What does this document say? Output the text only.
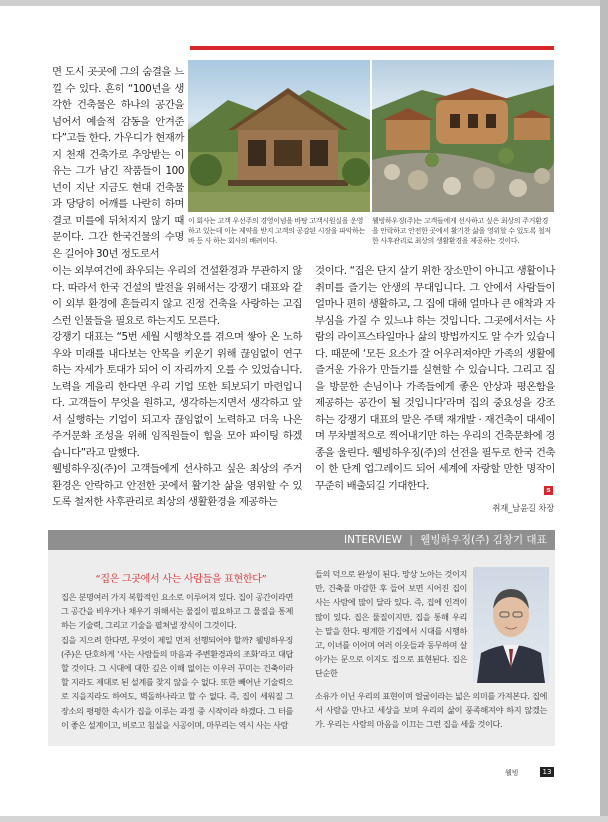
면 도시 곳곳에 그의 숨결을 느낄 수 있다. 흔히 “100년을 생각한 건축물은 하나의 공간을 넘어서 예술적 감동을 안겨준다”고들 한다. 가우디가 현재까지 천재 건축가로 추앙받는 이유는 그가 남긴 작품들이 100년이 지난 지금도 현대 건축물과 당당히 어깨를 나란히 하며 결코 미를에 뒤처지지 않기 때문이다. 그간 한국건물의 수명은 길어야 30년 정도로서

이 회사는 고객 우선주의 경영이념을 바탕 고객시원실을 운영하고 있는데 이는 제약을 받지 고객의 공감된 시장을 파악하는 바 등 사 하는 회사의 배려이다.
웰빙하우징(주)는 고객들에게 선사하고 싶은 최상의 주거환경을 안락하고 안전한 곳에서 활기찬 삶을 영위할 수 있도록 철저한 사후관리로 최상의 생활환경을 제공하는 것이다.

이는 외부여건에 좌우되는 우리의 건설환경과 무관하지 않다. 따라서 한국 건설의 발전을 위해서는 강쟁기 대표와 같이 외부 환경에 흔들리지 않고 진정 건축을 사랑하는 고집스런 인물들을 필요로 하는지도 모른다.

강쟁기 대표는 “5번 세월 시행착오를 겪으며 쌓아 온 노하우와 미래를 내다보는 안목을 키운기 위해 끊임없이 연구하는 자세가 토대가 되어 이 자리까지 오를 수 있었습니다. 노력을 게을리 한다면 우리 기업 또한 퇴보되기 마련입니다. 고객들이 무엇을 원하고, 생각하는지면서 생각하고 앞서 실행하는 기업이 되고자 끊임없이 노력하고 더욱 나은 주거문화 조성을 위해 임직원들이 힘을 모아 파이팅 하겠습니다”라고 말했다.

웰빙하우징(주)이 고객들에게 선사하고 싶은 최상의 주거환경은 안락하고 안전한 곳에서 활기찬 삶을 영위할 수 있도록 철저한 사후관리로 최상의 생활환경을 제공하는

것이다. “집은 단지 살기 위한 장소만이 아니고 생활이나 취미를 즐기는 안생의 무대입니다. 그 안에서 사람들이 얼마나 편히 생활하고, 그 집에 대해 얼마나 큰 애착과 자부심을 가질 수 있느냐 하는 것입니다. 그곳에서서는 사람의 라이프스타일마나 삶의 방법까지도 알 수가 있습니다. 때문에 ‘모든 요소가 잘 어우러져야만 가족의 생활에 즐거운 가유가 만들기를 실현할 수 있습니다. 그리고 집을 방문한 손님이나 가족들에게 좋은 안상과 평온함을 제공하는 공간이 될 것입니다’라며 집의 중요성을 강조하는 강쟁기 대표의 말은 주택 재개발 · 재건축이 대세이며 무차별적으로 찍어내기만 하는 우리의 건축문화에 경종을 울린다. 웰빙하우징(주)의 선전을 필두로 한국 건축이 한 단계 업그레이드 되어 세계에 자랑할 만한 명작이 꾸준히 배출되길 기대한다.	s
취재_남윤길 차장
INTERVIEW | 웰빙하우징(주) 김창기 대표
“집은 그곳에서 사는 사람들을 표현한다”

집은 분명여러 가지 복합적인 요소로 이루어져 있다. 집이 공간이라면 그 공간을 비우거나 채우기 위해서는 물질이 필요하고 그 물질을 통제하는 기술력, 그리고 기술을 펼쳐낼 장식이 그것이다.

집을 지으려 한다면, 무엇이 제일 먼저 선행되어야 할까? 웰빙하우징(주)은 단호하게 ‘사는 사람들의 마음과 주변환경과의 조화’라고 대답할 것이다. 그 시대에 대한 깊은 이해 없이는 이우러 꾸미는 건축이라 할 지라도 제대로 된 설계를 찾지 않을 수 없다. 또한 빼어난 기술력으로 지을지라도 하여도, 벽돌하나라고 할 수 없다. 즉, 집이 세워질 그 장소의 평평한 속시가 집을 이루는 과정 중 시작이라 하겠다. 그 터를 이 좋은 설계이고, 비로고 침실을 시공이며, 마무리는 역시 사는 사람

들의 덕으로 완성이 된다. 망상 노아는 것이지만, 건축물 마감한 후 들어 보면 시어진 집이 사는 사람에 많이 달라 있다. 즉, 집에 인격이 많이 있다. 집은 물질이지만, 집을 통해 우리는 말을 한다. 평계한 기집에서 시대를 시행하고, 이녀를 이어며 여러 이웃들과 동무하며 살아가는 문으로 이지도 집으로 표현된다. 집은 단순한

소유가 이닌 우리의 표현이며 얼굴이라는 넓은 의미를 가져본다. 집에서 사람을 만나고 세상을 보며 우리의 삶이 풍족해져야 하지 않겠는가. 우리는 사람의 마음을 이끄는 그런 집을 세울 것이다.

웰빙	13
